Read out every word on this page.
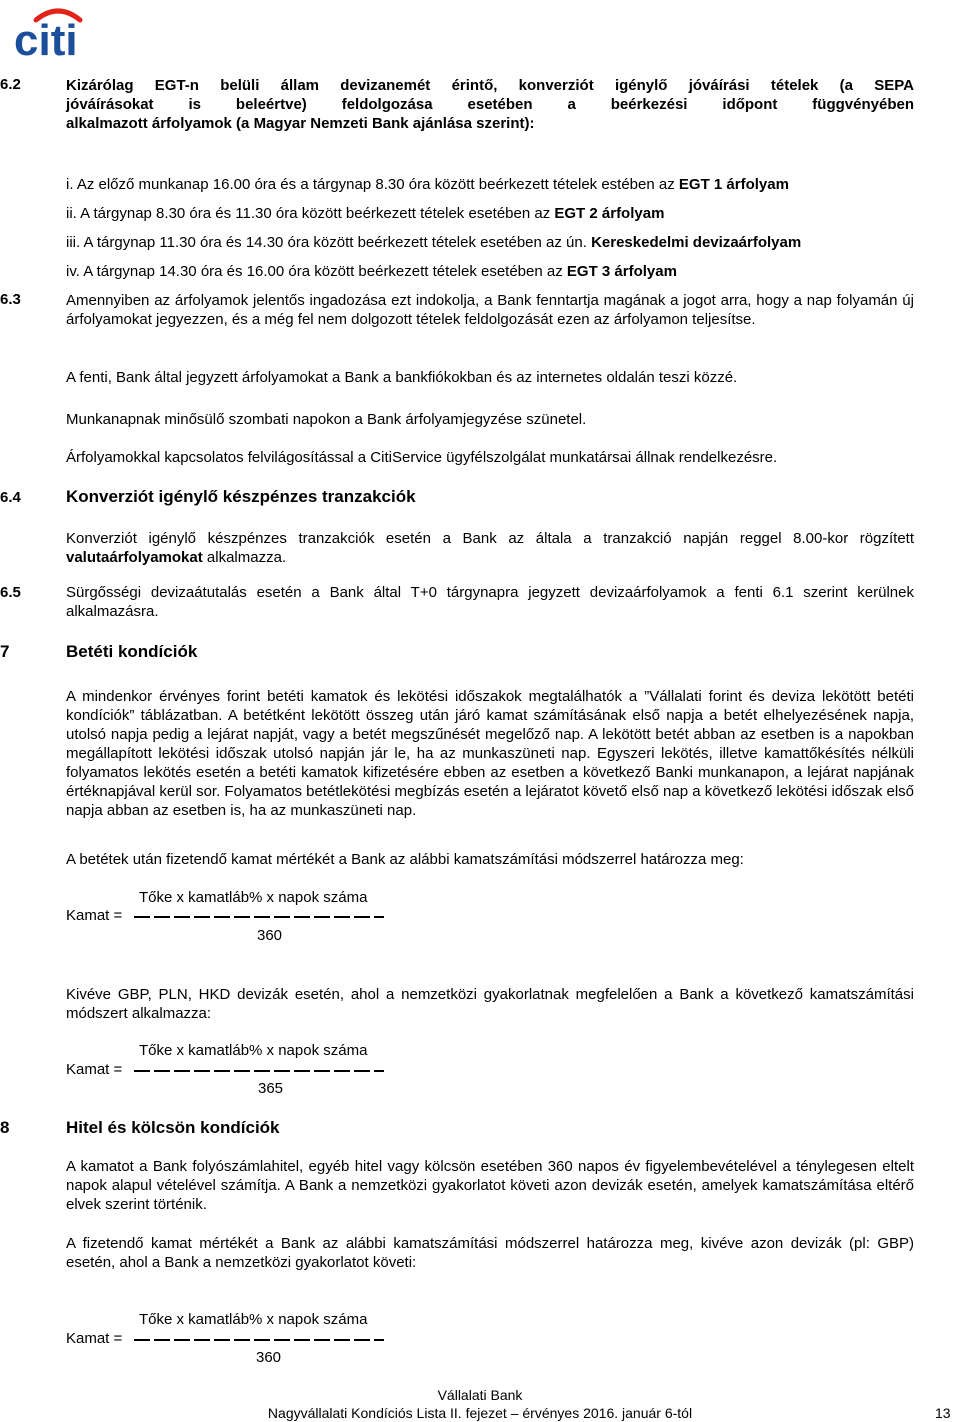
citi
6.2	Kizárólag EGT-n belüli állam devizanemét érintő, konverziót igénylő jóváírási tételek (a SEPA
jóváírásokat is beleértve) feldolgozása esetében a beérkezési időpont függvényében
alkalmazott árfolyamok (a Magyar Nemzeti Bank ajánlása szerint):
i. Az előző munkanap 16.00 óra és a tárgynap 8.30 óra között beérkezett tételek estében az EGT 1 árfolyam
ii. A tárgynap 8.30 óra és 11.30 óra között beérkezett tételek esetében az EGT 2 árfolyam
iii. A tárgynap 11.30 óra és 14.30 óra között beérkezett tételek esetében az ún. Kereskedelmi devizaárfolyam
iv. A tárgynap 14.30 óra és 16.00 óra között beérkezett tételek esetében az EGT 3 árfolyam
6.3	Amennyiben az árfolyamok jelentős ingadozása ezt indokolja, a Bank fenntartja magának a jogot arra, hogy a nap folyamán új árfolyamokat jegyezzen, és a még fel nem dolgozott tételek feldolgozását ezen az árfolyamon teljesítse.
A fenti, Bank által jegyzett árfolyamokat a Bank a bankfiókokban és az internetes oldalán teszi közzé.
Munkanapnak minősülő szombati napokon a Bank árfolyamjegyzése szünetel.
Árfolyamokkal kapcsolatos felvilágosítással a CitiService ügyfélszolgálat munkatársai állnak rendelkezésre.
6.4	Konverziót igénylő készpénzes tranzakciók
Konverziót igénylő készpénzes tranzakciók esetén a Bank az általa a tranzakció napján reggel 8.00-kor rögzített valutaárfolyamokat alkalmazza.
6.5	Sürgősségi devizaátutalás esetén a Bank által T+0 tárgynapra jegyzett devizaárfolyamok a fenti 6.1 szerint kerülnek alkalmazásra.
7	Betéti kondíciók
A mindenkor érvényes forint betéti kamatok és lekötési időszakok megtalálhatók a ”Vállalati forint és deviza lekötött betéti kondíciók” táblázatban. A betétként lekötött összeg után járó kamat számításának első napja a betét elhelyezésének napja, utolsó napja pedig a lejárat napját, vagy a betét megszűnését megelőző nap. A lekötött betét abban az esetben is a napokban megállapított lekötési időszak utolsó napján jár le, ha az munkaszüneti nap. Egyszeri lekötés, illetve kamattőkésítés nélküli folyamatos lekötés esetén a betéti kamatok kifizetésére ebben az esetben a következő Banki munkanapon, a lejárat napjának értéknapjával kerül sor. Folyamatos betétlekötési megbízás esetén a lejáratot követő első nap a következő lekötési időszak első napja abban az esetben is, ha az munkaszüneti nap.
A betétek után fizetendő kamat mértékét a Bank az alábbi kamatszámítási módszerrel határozza meg:
Tőke x kamatláb% x napok száma
Kamat =
360
Kivéve GBP, PLN, HKD devizák esetén, ahol a nemzetközi gyakorlatnak megfelelően a Bank a következő kamatszámítási módszert alkalmazza:
Tőke x kamatláb% x napok száma
Kamat =
365
8	Hitel és kölcsön kondíciók
A kamatot a Bank folyószámlahitel, egyéb hitel vagy kölcsön esetében 360 napos év figyelembevételével a ténylegesen eltelt napok alapul vételével számítja. A Bank a nemzetközi gyakorlatot követi azon devizák esetén, amelyek kamatszámítása eltérő elvek szerint történik.
A fizetendő kamat mértékét a Bank az alábbi kamatszámítási módszerrel határozza meg, kivéve azon devizák (pl: GBP) esetén, ahol a Bank a nemzetközi gyakorlatot követi:
Tőke x kamatláb% x napok száma
Kamat =
360
Vállalati Bank
Nagyvállalati Kondíciós Lista II. fejezet – érvényes 2016. január 6-tól	13
